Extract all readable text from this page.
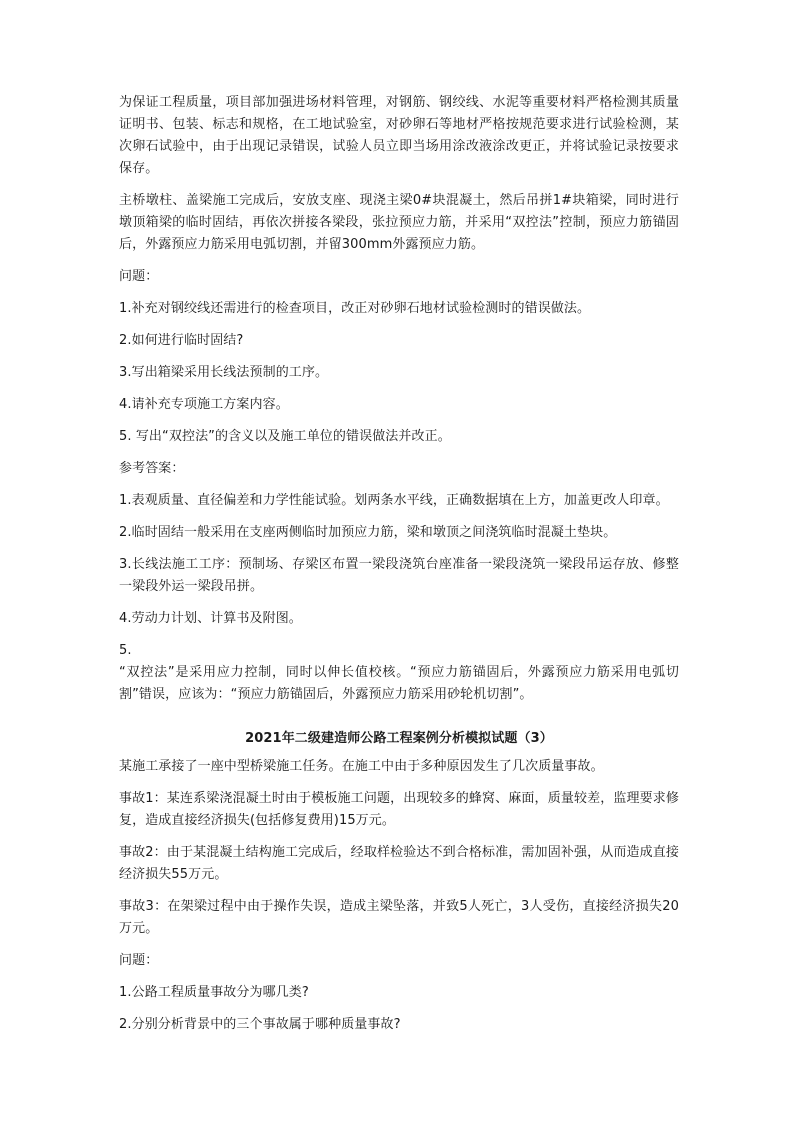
为保证工程质量，项目部加强进场材料管理，对钢筋、钢绞线、水泥等重要材料严格检测其质量证明书、包装、标志和规格，在工地试验室，对砂卵石等地材严格按规范要求进行试验检测，某次卵石试验中，由于出现记录错误，试验人员立即当场用涂改液涂改更正，并将试验记录按要求保存。

主桥墩柱、盖梁施工完成后，安放支座、现浇主梁0#块混凝土，然后吊拼1#块箱梁，同时进行墩顶箱梁的临时固结，再依次拼接各梁段，张拉预应力筋，并采用“双控法”控制，预应力筋锚固后，外露预应力筋采用电弧切割，并留300mm外露预应力筋。

问题：

1.补充对钢绞线还需进行的检查项目，改正对砂卵石地材试验检测时的错误做法。

2.如何进行临时固结?

3.写出箱梁采用长线法预制的工序。

4.请补充专项施工方案内容。

5. 写出“双控法”的含义以及施工单位的错误做法并改正。

参考答案：

1.表观质量、直径偏差和力学性能试验。划两条水平线，正确数据填在上方，加盖更改人印章。

2.临时固结一般采用在支座两侧临时加预应力筋，梁和墩顶之间浇筑临时混凝土垫块。

3.长线法施工工序：预制场、存梁区布置一梁段浇筑台座准备一梁段浇筑一梁段吊运存放、修整一梁段外运一梁段吊拼。

4.劳动力计划、计算书及附图。

5.
“双控法”是采用应力控制，同时以伸长值校核。“预应力筋锚固后，外露预应力筋采用电弧切割”错误，应该为：“预应力筋锚固后，外露预应力筋采用砂轮机切割”。

2021年二级建造师公路工程案例分析模拟试题（3）

某施工承接了一座中型桥梁施工任务。在施工中由于多种原因发生了几次质量事故。

事故1：某连系梁浇混凝土时由于模板施工问题，出现较多的蜂窝、麻面，质量较差，监理要求修复，造成直接经济损失(包括修复费用)15万元。

事故2：由于某混凝土结构施工完成后，经取样检验达不到合格标准，需加固补强，从而造成直接经济损失55万元。

事故3：在架梁过程中由于操作失误，造成主梁坠落，并致5人死亡，3人受伤，直接经济损失20万元。

问题：

1.公路工程质量事故分为哪几类?

2.分别分析背景中的三个事故属于哪种质量事故?
